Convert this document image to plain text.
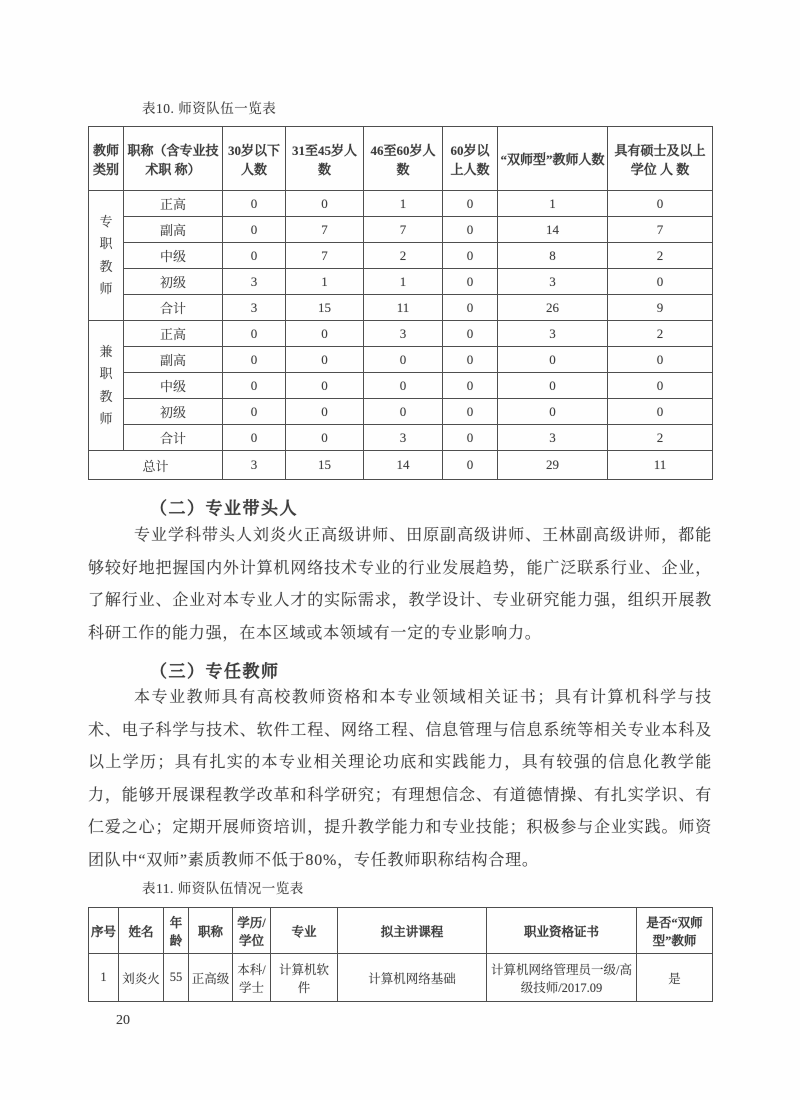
表10. 师资队伍一览表
教师类别	职称（含专业技术职 称）	30岁以下人数	31至45岁人数	46至60岁人数	60岁以上人数	“双师型”教师人数	具有硕士及以上学位 人 数
专职教师	正高	0	0	1	0	1	0
	副高	0	7	7	0	14	7
	中级	0	7	2	0	8	2
	初级	3	1	1	0	3	0
	合计	3	15	11	0	26	9
兼职教师	正高	0	0	3	0	3	2
	副高	0	0	0	0	0	0
	中级	0	0	0	0	0	0
	初级	0	0	0	0	0	0
	合计	0	0	3	0	3	2
总计		3	15	14	0	29	11
（二）专业带头人

专业学科带头人刘炎火正高级讲师、田原副高级讲师、王林副高级讲师，都能够较好地把握国内外计算机网络技术专业的行业发展趋势，能广泛联系行业、企业，了解行业、企业对本专业人才的实际需求，教学设计、专业研究能力强，组织开展教科研工作的能力强，在本区域或本领域有一定的专业影响力。

（三）专任教师

本专业教师具有高校教师资格和本专业领域相关证书；具有计算机科学与技术、电子科学与技术、软件工程、网络工程、信息管理与信息系统等相关专业本科及以上学历；具有扎实的本专业相关理论功底和实践能力，具有较强的信息化教学能力，能够开展课程教学改革和科学研究；有理想信念、有道德情操、有扎实学识、有仁爱之心；定期开展师资培训，提升教学能力和专业技能；积极参与企业实践。师资团队中“双师”素质教师不低于80%，专任教师职称结构合理。

表11. 师资队伍情况一览表
序号	姓名	年龄	职称	学历/学位	专业	拟主讲课程	职业资格证书	是否“双师型”教师
1	刘炎火	55	正高级	本科/学士	计算机软件	计算机网络基础	计算机网络管理员一级/高级技师/2017.09	是
20
